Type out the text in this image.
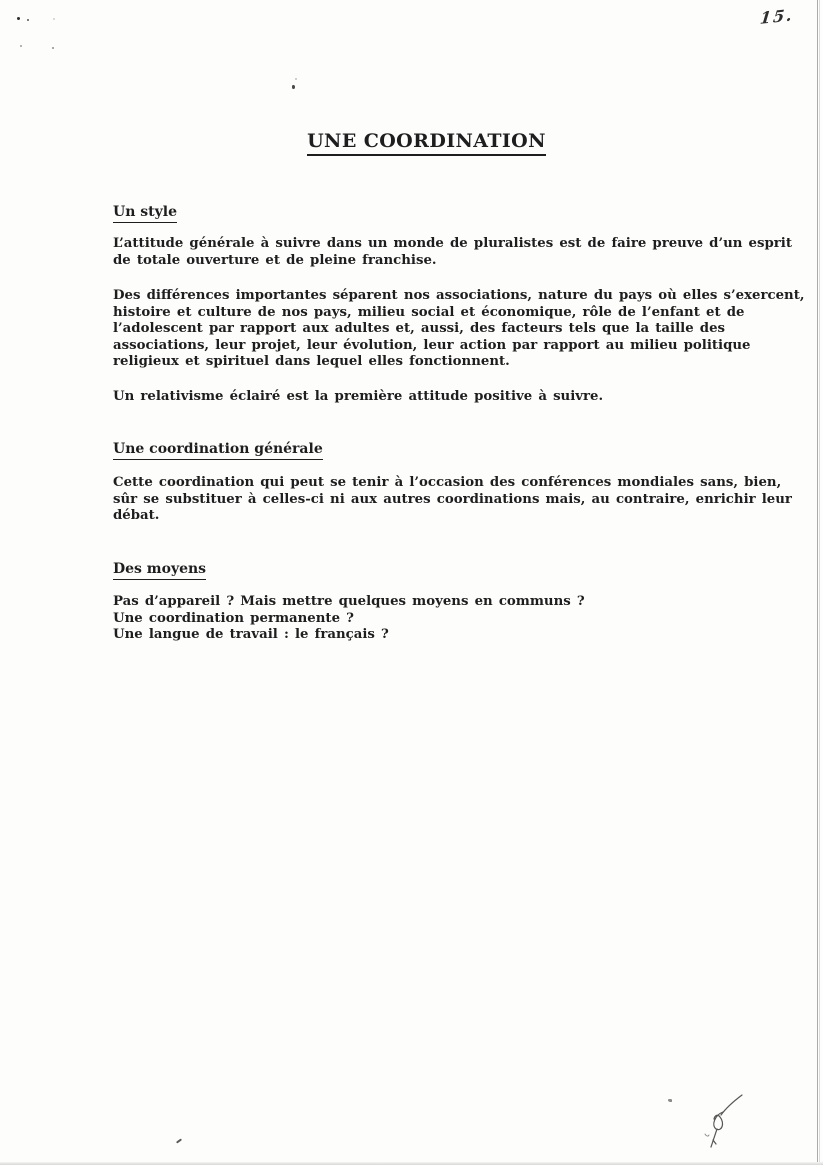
15.
UNE COORDINATION
Un style
L’attitude générale à suivre dans un monde de pluralistes est de faire preuve d’un esprit
de totale ouverture et de pleine franchise.
Des différences importantes séparent nos associations, nature du pays où elles s’exercent,
histoire et culture de nos pays, milieu social et économique, rôle de l’enfant et de
l’adolescent par rapport aux adultes et, aussi, des facteurs tels que la taille des
associations, leur projet, leur évolution, leur action par rapport au milieu politique
religieux et spirituel dans lequel elles fonctionnent.
Un relativisme éclairé est la première attitude positive à suivre.
Une coordination générale
Cette coordination qui peut se tenir à l’occasion des conférences mondiales sans, bien,
sûr se substituer à celles-ci ni aux autres coordinations mais, au contraire, enrichir leur
débat.
Des moyens
Pas d’appareil ? Mais mettre quelques moyens en communs ?
Une coordination permanente ?
Une langue de travail : le français ?
